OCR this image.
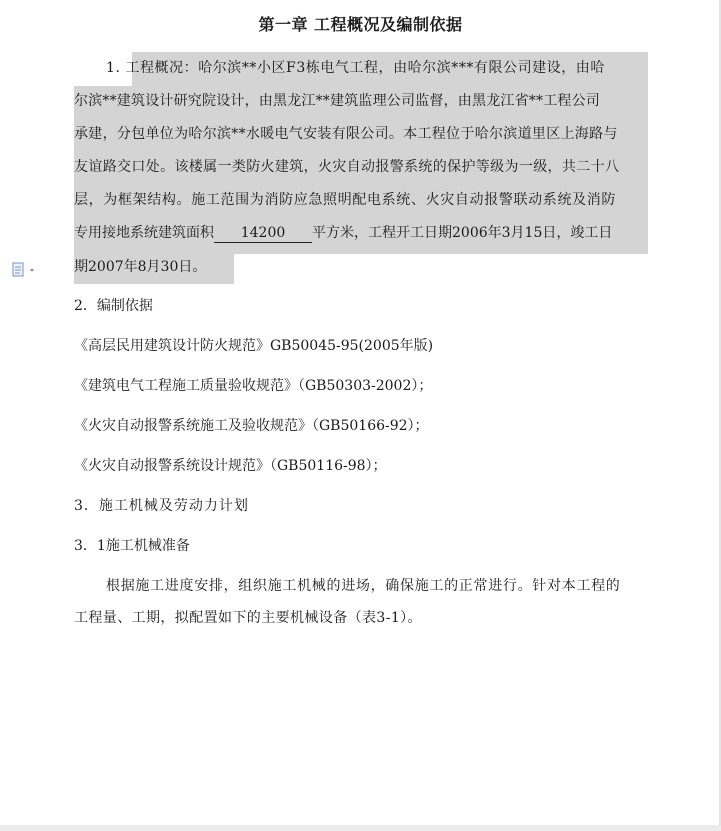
第一章 工程概况及编制依据
1. 工程概况：哈尔滨**小区F3栋电气工程，由哈尔滨***有限公司建设，由哈
尔滨**建筑设计研究院设计，由黑龙江**建筑监理公司监督，由黑龙江省**工程公司
承建，分包单位为哈尔滨**水暖电气安装有限公司。本工程位于哈尔滨道里区上海路与
友谊路交口处。该楼属一类防火建筑，火灾自动报警系统的保护等级为一级，共二十八
层，为框架结构。施工范围为消防应急照明配电系统、火灾自动报警联动系统及消防
专用接地系统建筑面积 14200 平方米，工程开工日期2006年3月15日，竣工日
期2007年8月30日。
2．编制依据
《高层民用建筑设计防火规范》GB50045-95(2005年版)
《建筑电气工程施工质量验收规范》（GB50303-2002）；
《火灾自动报警系统施工及验收规范》（GB50166-92）；
《火灾自动报警系统设计规范》（GB50116-98）；
3．施工机械及劳动力计划
3．1施工机械准备
根据施工进度安排，组织施工机械的进场，确保施工的正常进行。针对本工程的
工程量、工期，拟配置如下的主要机械设备（表3-1）。
